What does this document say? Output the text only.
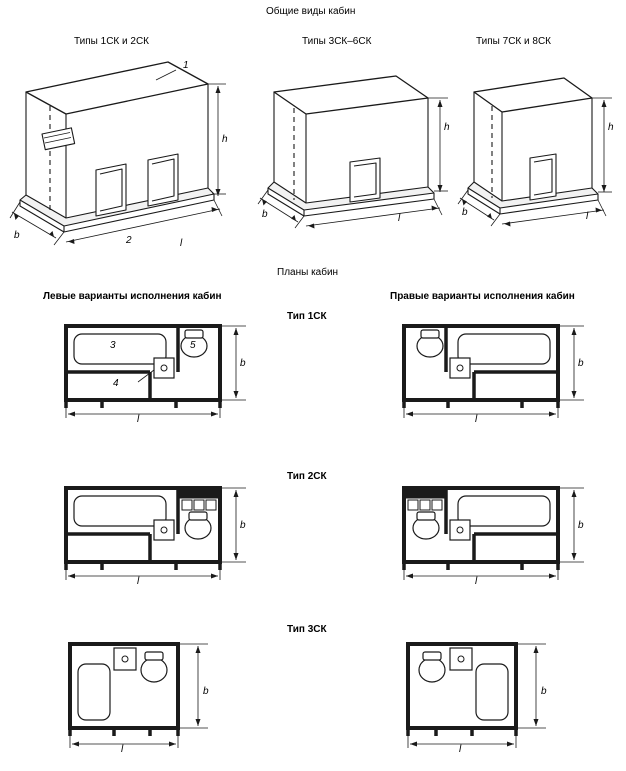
Общие виды кабин
Типы 1СК и 2СК	Типы 3СК–6СК	Типы 7СК и 8СК
1
2
h
b
l
h
b	l
h
b	l
Планы кабин
Левые варианты исполнения кабин	Правые варианты исполнения кабин
Тип 1СК
3
4
5
b
l
b
l
Тип 2СК
b
l
b
l
Тип 3СК
b
l
b
l
